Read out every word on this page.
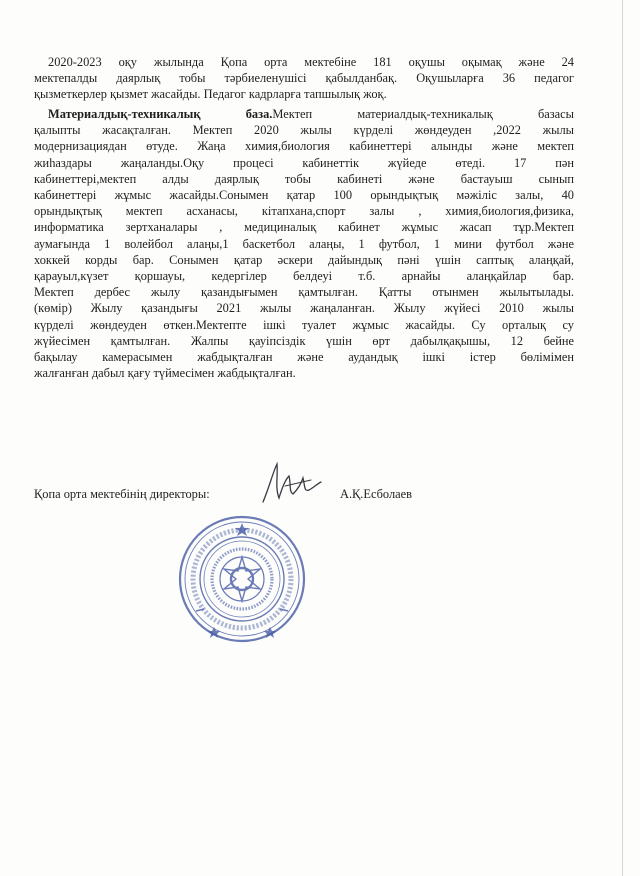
2020-2023 оқу жылында Қопа орта мектебіне 181 оқушы оқымақ және 24
мектепалды даярлық тобы тәрбиеленушісі қабылданбақ. Оқушыларға 36 педагог
қызметкерлер қызмет жасайды. Педагог кадрларға тапшылық жоқ.
Материалдық-техникалық база.Мектеп материалдық-техникалық базасы
қалыпты жасақталған. Мектеп 2020 жылы күрделі жөндеуден ,2022 жылы
модернизациядан өтуде. Жаңа химия,биология кабинеттері алынды және мектеп
жиһаздары жаңаланды.Оқу процесі кабинеттік жүйеде өтеді. 17 пән
кабинеттері,мектеп алды даярлық тобы кабинеті және бастауыш сынып
кабинеттері жұмыс жасайды.Сонымен қатар 100 орындықтық мәжіліс залы, 40
орындықтық мектеп асханасы, кітапхана,спорт залы , химия,биология,физика,
информатика зертханалары , медициналық кабинет жұмыс жасап тұр.Мектеп
аумағында 1 волейбол алаңы,1 баскетбол алаңы, 1 футбол, 1 мини футбол және
хоккей корды бар. Сонымен қатар әскери дайындық пәні үшін саптық алаңқай,
қарауыл,күзет қоршауы, кедергілер белдеуі т.б. арнайы алаңқайлар бар.
Мектеп дербес жылу қазандығымен қамтылған. Қатты отынмен жылытылады.
(көмір) Жылу қазандығы 2021 жылы жаңаланған. Жылу жүйесі 2010 жылы
күрделі жөндеуден өткен.Мектепте ішкі туалет жұмыс жасайды. Су орталық су
жүйесімен қамтылған. Жалпы қауіпсіздік үшін өрт дабылқақышы, 12 бейне
бақылау камерасымен жабдықталған және аудандық ішкі істер бөлімімен
жалғанған дабыл қағу түймесімен жабдықталған.
Қопа орта мектебінің директоры:	А.Қ.Есболаев
